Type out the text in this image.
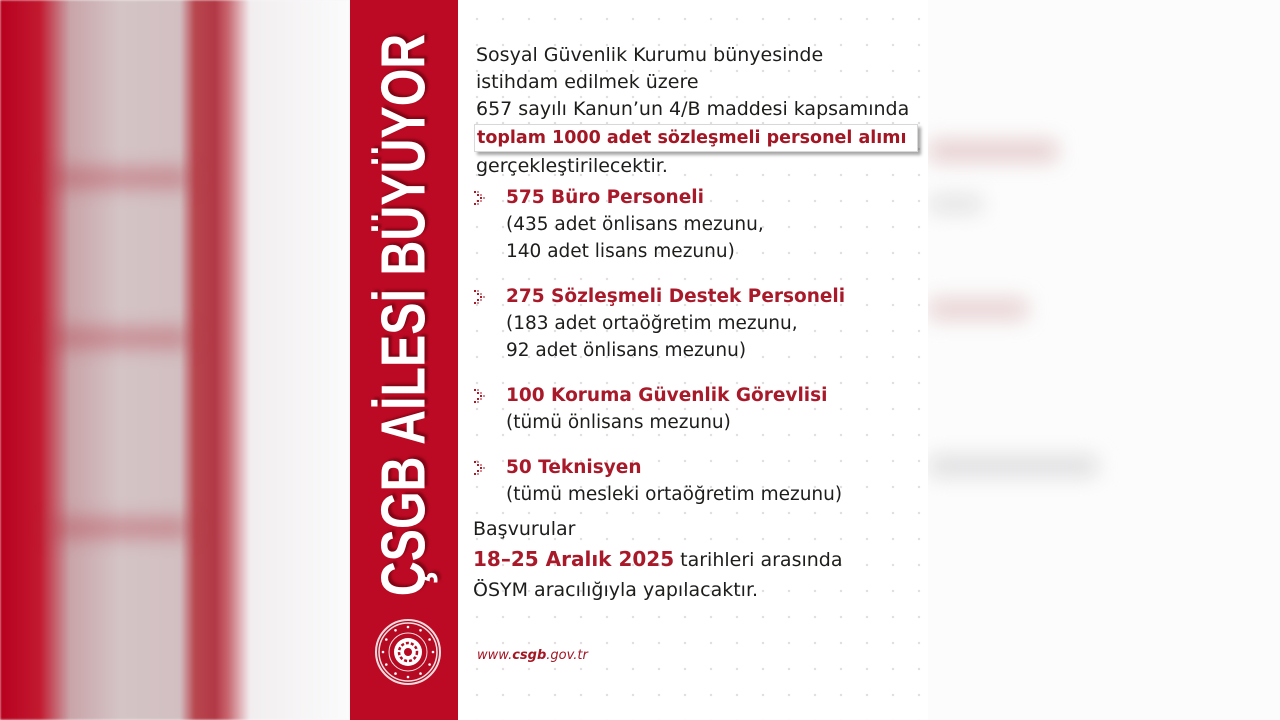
ÇSGB AİLESİ BÜYÜYOR Sosyal Güvenlik Kurumu bünyesinde
istihdam edilmek üzere
657 sayılı Kanun’un 4/B maddesi kapsamında
toplam 1000 adet sözleşmeli personel alımı
gerçekleştirilecektir.
575 Büro Personeli
(435 adet önlisans mezunu,
140 adet lisans mezunu)
275 Sözleşmeli Destek Personeli
(183 adet ortaöğretim mezunu,
92 adet önlisans mezunu)
100 Koruma Güvenlik Görevlisi
(tümü önlisans mezunu)
50 Teknisyen
(tümü mesleki ortaöğretim mezunu)
Başvurular
18–25 Aralık 2025 tarihleri arasında
ÖSYM aracılığıyla yapılacaktır.
www.csgb.gov.tr
